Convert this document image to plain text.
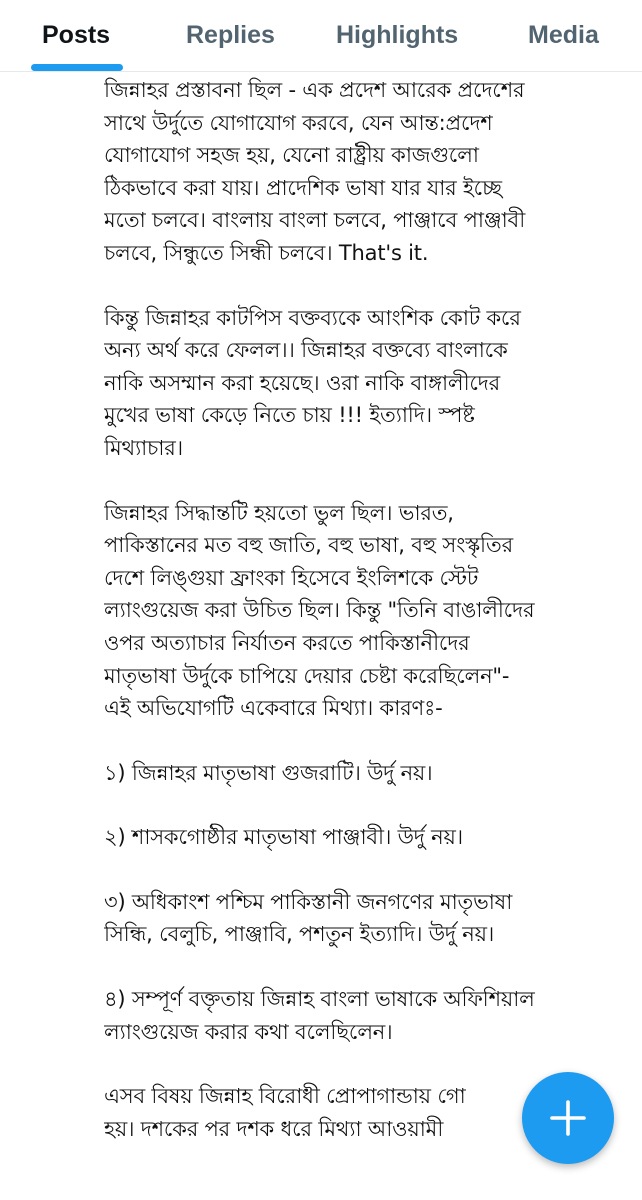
Posts	Replies Highlights	Media
জিন্নাহর প্রস্তাবনা ছিল - এক প্রদেশ আরেক প্রদেশের
সাথে উর্দুতে যোগাযোগ করবে, যেন আন্ত:প্রদেশ
যোগাযোগ সহজ হয়, যেনো রাষ্ট্রীয় কাজগুলো
ঠিকভাবে করা যায়। প্রাদেশিক ভাষা যার যার ইচ্ছে
মতো চলবে। বাংলায় বাংলা চলবে, পাঞ্জাবে পাঞ্জাবী
চলবে, সিন্ধুতে সিন্ধী চলবে। That's it.
কিন্তু জিন্নাহর কাটপিস বক্তব্যকে আংশিক কোট করে
অন্য অর্থ করে ফেলল।। জিন্নাহর বক্তব্যে বাংলাকে
নাকি অসম্মান করা হয়েছে। ওরা নাকি বাঙ্গালীদের
মুখের ভাষা কেড়ে নিতে চায় !!! ইত্যাদি। স্পষ্ট
মিথ্যাচার।
জিন্নাহর সিদ্ধান্তটি হয়তো ভুল ছিল। ভারত,
পাকিস্তানের মত বহু জাতি, বহু ভাষা, বহু সংস্কৃতির
দেশে লিঙ্গুয়া ফ্রাংকা হিসেবে ইংলিশকে স্টেট
ল্যাংগুয়েজ করা উচিত ছিল। কিন্তু "তিনি বাঙালীদের
ওপর অত্যাচার নির্যাতন করতে পাকিস্তানীদের
মাতৃভাষা উর্দুকে চাপিয়ে দেয়ার চেষ্টা করেছিলেন"-
এই অভিযোগটি একেবারে মিথ্যা। কারণঃ-
১) জিন্নাহর মাতৃভাষা গুজরাটি। উর্দু নয়।
২) শাসকগোষ্ঠীর মাতৃভাষা পাঞ্জাবী। উর্দু নয়।
৩) অধিকাংশ পশ্চিম পাকিস্তানী জনগণের মাতৃভাষা
সিন্ধি, বেলুচি, পাঞ্জাবি, পশতুন ইত্যাদি। উর্দু নয়।
৪) সম্পূর্ণ বক্তৃতায় জিন্নাহ বাংলা ভাষাকে অফিশিয়াল
ল্যাংগুয়েজ করার কথা বলেছিলেন।
এসব বিষয় জিন্নাহ বিরোধী প্রোপাগান্ডায় গো
হয়। দশকের পর দশক ধরে মিথ্যা আওয়ামী
